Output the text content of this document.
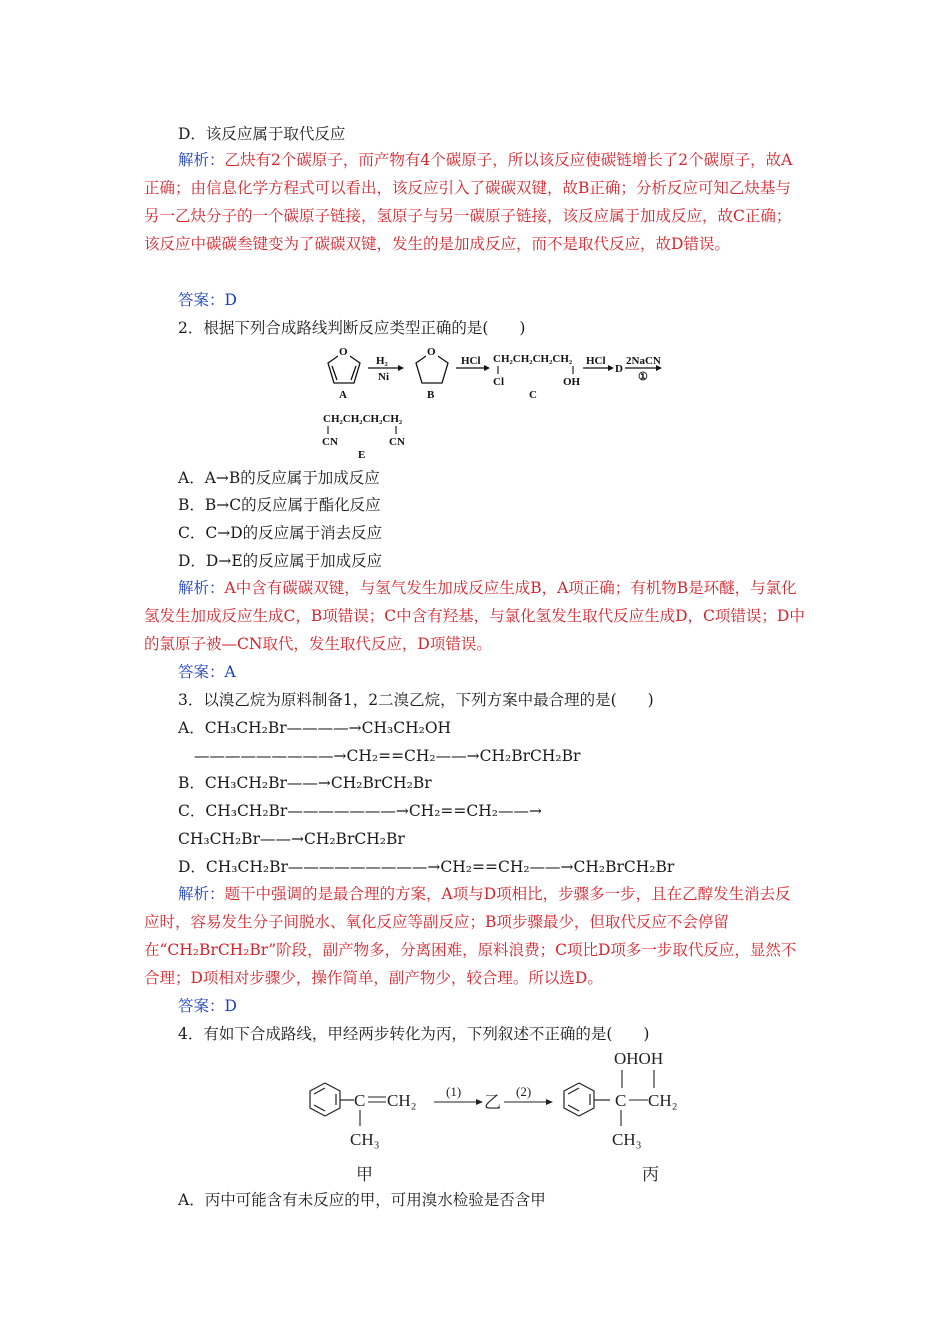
D．该反应属于取代反应
解析：乙炔有2个碳原子，而产物有4个碳原子，所以该反应使碳链增长了2个碳原子，故A正确；由信息化学方程式可以看出，该反应引入了碳碳双键，故B正确；分析反应可知乙炔基与另一乙炔分子的一个碳原子链接，氢原子与另一碳原子链接，该反应属于加成反应，故C正确；该反应中碳碳叁键变为了碳碳双键，发生的是加成反应，而不是取代反应，故D错误。
答案：D
2．根据下列合成路线判断反应类型正确的是(　　)
O
A
H₂
Ni
O
B
HCl CH₂CH₂CH₂CH₂
Cl	OH
C
HCl
D
2NaCN
①
CH₂CH₂CH₂CH₂
CN	CN
E
A．A→B的反应属于加成反应
B．B→C的反应属于酯化反应
C．C→D的反应属于消去反应
D．D→E的反应属于加成反应
解析：A中含有碳碳双键，与氢气发生加成反应生成B，A项正确；有机物B是环醚，与氯化氢发生加成反应生成C，B项错误；C中含有羟基，与氯化氢发生取代反应生成D，C项错误；D中的氯原子被—CN取代，发生取代反应，D项错误。
答案：A
3．以溴乙烷为原料制备1，2二溴乙烷，下列方案中最合理的是(　　)
A．CH₃CH₂Br————→CH₃CH₂OH
—————————→CH₂==CH₂——→CH₂BrCH₂Br
B．CH₃CH₂Br——→CH₂BrCH₂Br
C．CH₃CH₂Br———————→CH₂==CH₂——→
CH₃CH₂Br——→CH₂BrCH₂Br
D．CH₃CH₂Br—————————→CH₂==CH₂——→CH₂BrCH₂Br
解析：题干中强调的是最合理的方案，A项与D项相比，步骤多一步，且在乙醇发生消去反应时，容易发生分子间脱水、氧化反应等副反应；B项步骤最少，但取代反应不会停留在“CH₂BrCH₂Br”阶段，副产物多，分离困难，原料浪费；C项比D项多一步取代反应，显然不合理；D项相对步骤少，操作简单，副产物少，较合理。所以选D。
答案：D
4．有如下合成路线，甲经两步转化为丙，下列叙述不正确的是(　　)
C CH₂
CH₃
甲
(1)
乙
(2)
OHOH
C CH₂
CH₃
丙
A．丙中可能含有未反应的甲，可用溴水检验是否含甲
